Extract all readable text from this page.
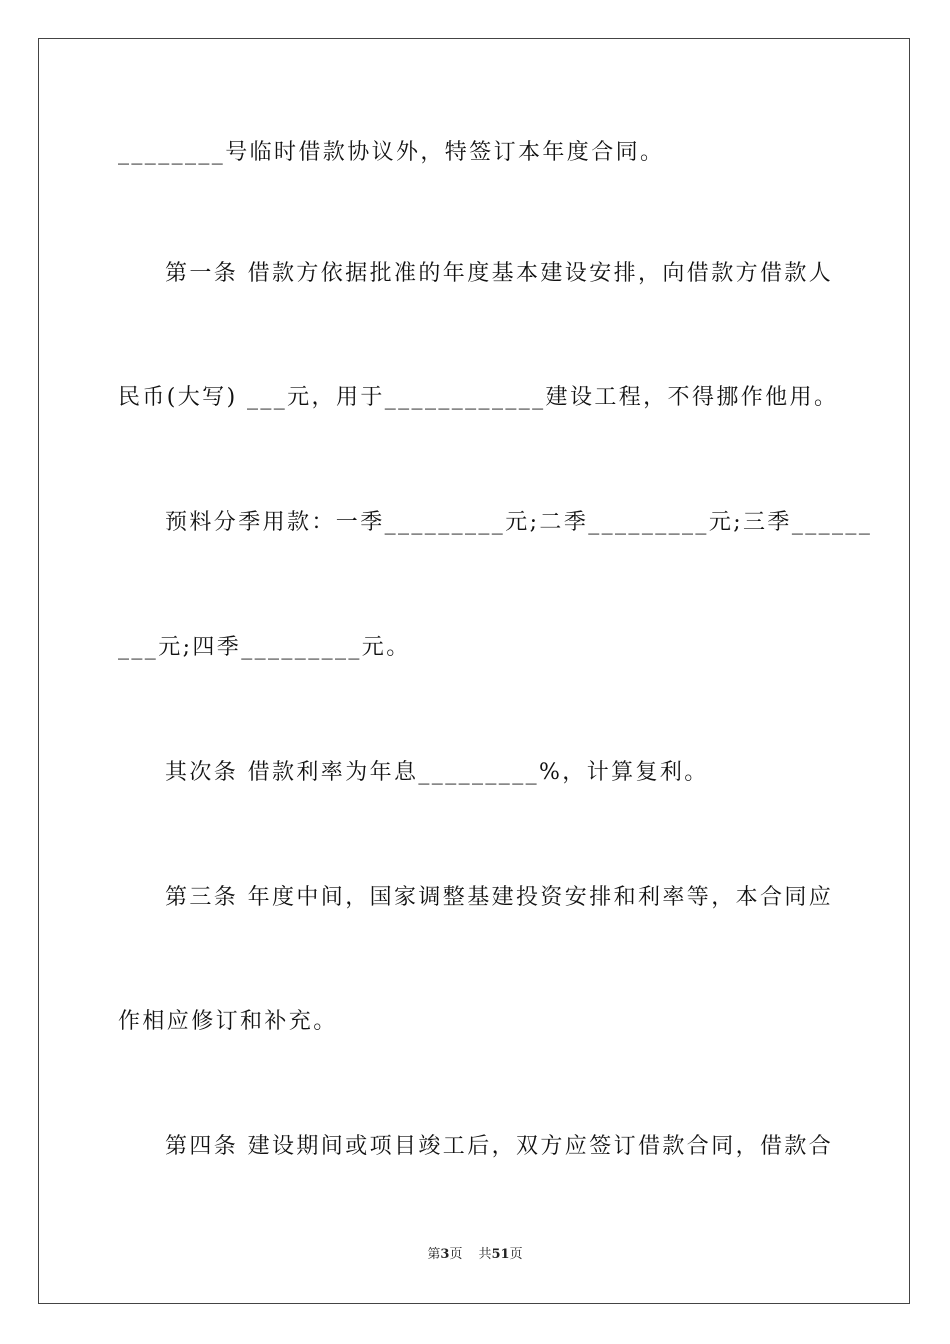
________号临时借款协议外，特签订本年度合同。
第一条 借款方依据批准的年度基本建设安排，向借款方借款人
民币(大写) ___元，用于____________建设工程，不得挪作他用。
预料分季用款：一季_________元;二季_________元;三季______
___元;四季_________元。
其次条 借款利率为年息_________%，计算复利。
第三条 年度中间，国家调整基建投资安排和利率等，本合同应
作相应修订和补充。
第四条 建设期间或项目竣工后，双方应签订借款合同，借款合
第3页 共51页
